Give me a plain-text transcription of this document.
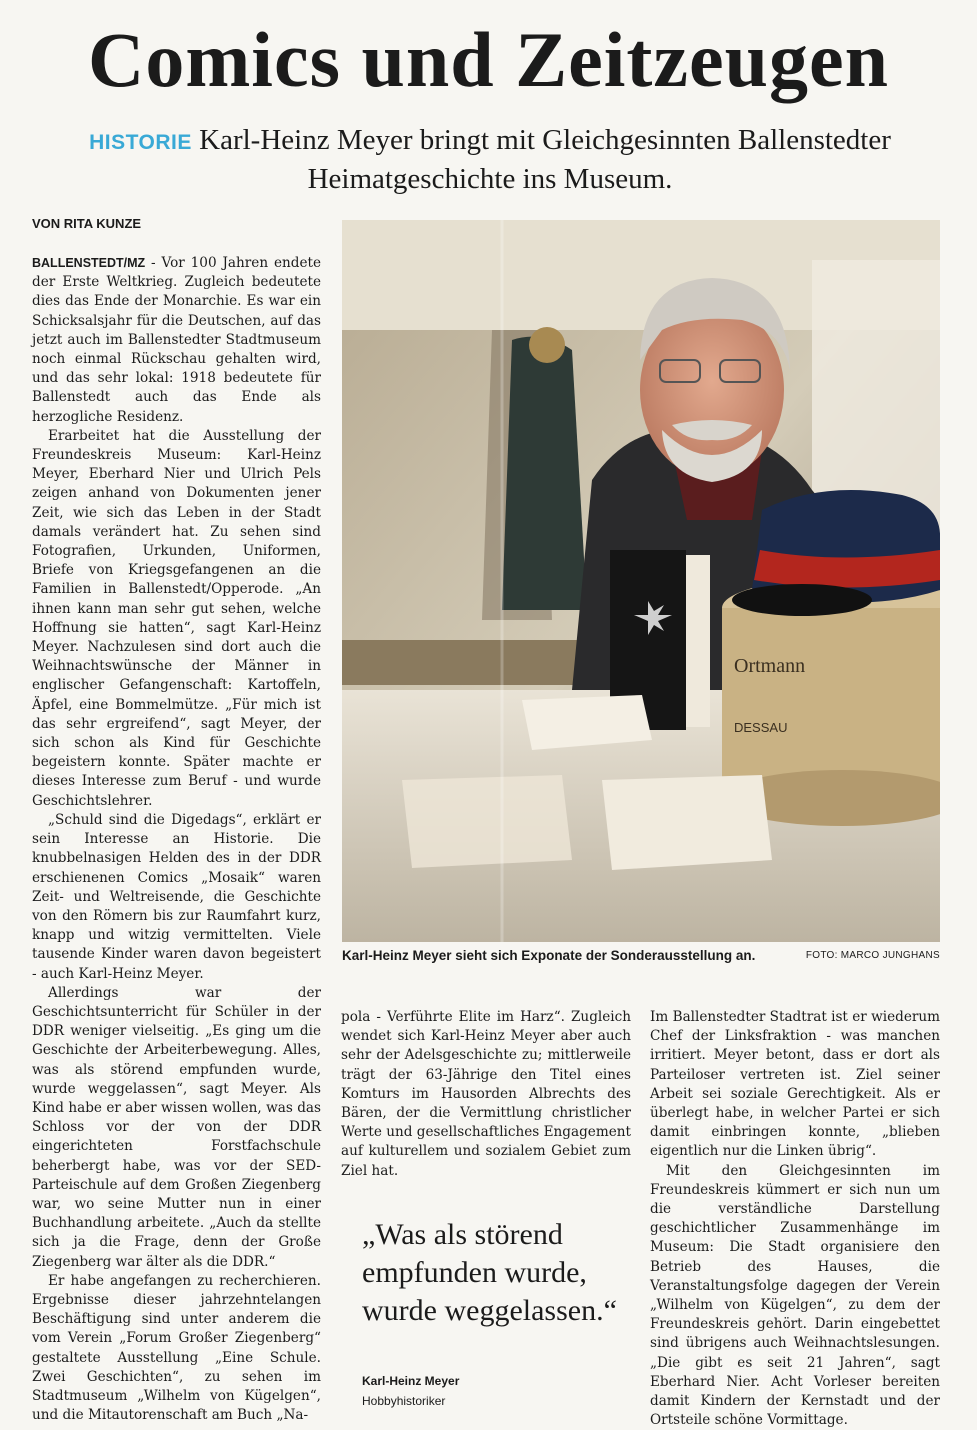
Comics und Zeitzeugen
HISTORIE Karl-Heinz Meyer bringt mit Gleichgesinnten Ballenstedter Heimatgeschichte ins Museum.
VON RITA KUNZE

BALLENSTEDT/MZ - Vor 100 Jahren endete der Erste Weltkrieg. Zugleich bedeutete dies das Ende der Monarchie. Es war ein Schicksalsjahr für die Deutschen, auf das jetzt auch im Ballenstedter Stadtmuseum noch einmal Rückschau gehalten wird, und das sehr lokal: 1918 bedeutete für Ballenstedt auch das Ende als herzogliche Residenz.

Erarbeitet hat die Ausstellung der Freundeskreis Museum: Karl-Heinz Meyer, Eberhard Nier und Ulrich Pels zeigen anhand von Dokumenten jener Zeit, wie sich das Leben in der Stadt damals verändert hat. Zu sehen sind Fotografien, Urkunden, Uniformen, Briefe von Kriegsgefangenen an die Familien in Ballenstedt/Opperode. „An ihnen kann man sehr gut sehen, welche Hoffnung sie hatten“, sagt Karl-Heinz Meyer. Nachzulesen sind dort auch die Weihnachtswünsche der Männer in englischer Gefangenschaft: Kartoffeln, Äpfel, eine Bommelmütze. „Für mich ist das sehr ergreifend“, sagt Meyer, der sich schon als Kind für Geschichte begeistern konnte. Später machte er dieses Interesse zum Beruf - und wurde Geschichtslehrer.

„Schuld sind die Digedags“, erklärt er sein Interesse an Historie. Die knubbelnasigen Helden des in der DDR erschienenen Comics „Mosaik“ waren Zeit- und Weltreisende, die Geschichte von den Römern bis zur Raumfahrt kurz, knapp und witzig vermittelten. Viele tausende Kinder waren davon begeistert - auch Karl-Heinz Meyer.

Allerdings war der Geschichtsunterricht für Schüler in der DDR weniger vielseitig. „Es ging um die Geschichte der Arbeiterbewegung. Alles, was als störend empfunden wurde, wurde weggelassen“, sagt Meyer. Als Kind habe er aber wissen wollen, was das Schloss vor der von der DDR eingerichteten Forstfachschule beherbergt habe, was vor der SED-Parteischule auf dem Großen Ziegenberg war, wo seine Mutter nun in einer Buchhandlung arbeitete. „Auch da stellte sich ja die Frage, denn der Große Ziegenberg war älter als die DDR.“

Er habe angefangen zu recherchieren. Ergebnisse dieser jahrzehntelangen Beschäftigung sind unter anderem die vom Verein „Forum Großer Ziegenberg“ gestaltete Ausstellung „Eine Schule. Zwei Geschichten“, zu sehen im Stadtmuseum „Wilhelm von Kügelgen“, und die Mitautorenschaft am Buch „Na-

Ortmann
DESSAU
Karl-Heinz Meyer sieht sich Exponate der Sonderausstellung an.	FOTO: MARCO JUNGHANS

pola - Verführte Elite im Harz“. Zugleich wendet sich Karl-Heinz Meyer aber auch sehr der Adelsgeschichte zu; mittlerweile trägt der 63-Jährige den Titel eines Komturs im Hausorden Albrechts des Bären, der die Vermittlung christlicher Werte und gesellschaftliches Engagement auf kulturellem und sozialem Gebiet zum Ziel hat.

„Was als störend empfunden wurde, wurde weggelassen.“
Karl-Heinz Meyer
Hobbyhistoriker

Im Ballenstedter Stadtrat ist er wiederum Chef der Linksfraktion - was manchen irritiert. Meyer betont, dass er dort als Parteiloser vertreten ist. Ziel seiner Arbeit sei soziale Gerechtigkeit. Als er überlegt habe, in welcher Partei er sich damit einbringen konnte, „blieben eigentlich nur die Linken übrig“.

Mit den Gleichgesinnten im Freundeskreis kümmert er sich nun um die verständliche Darstellung geschichtlicher Zusammenhänge im Museum: Die Stadt organisiere den Betrieb des Hauses, die Veranstaltungsfolge dagegen der Verein „Wilhelm von Kügelgen“, zu dem der Freundeskreis gehört. Darin eingebettet sind übrigens auch Weihnachtslesungen. „Die gibt es seit 21 Jahren“, sagt Eberhard Nier. Acht Vorleser bereiten damit Kindern der Kernstadt und der Ortsteile schöne Vormittage.
